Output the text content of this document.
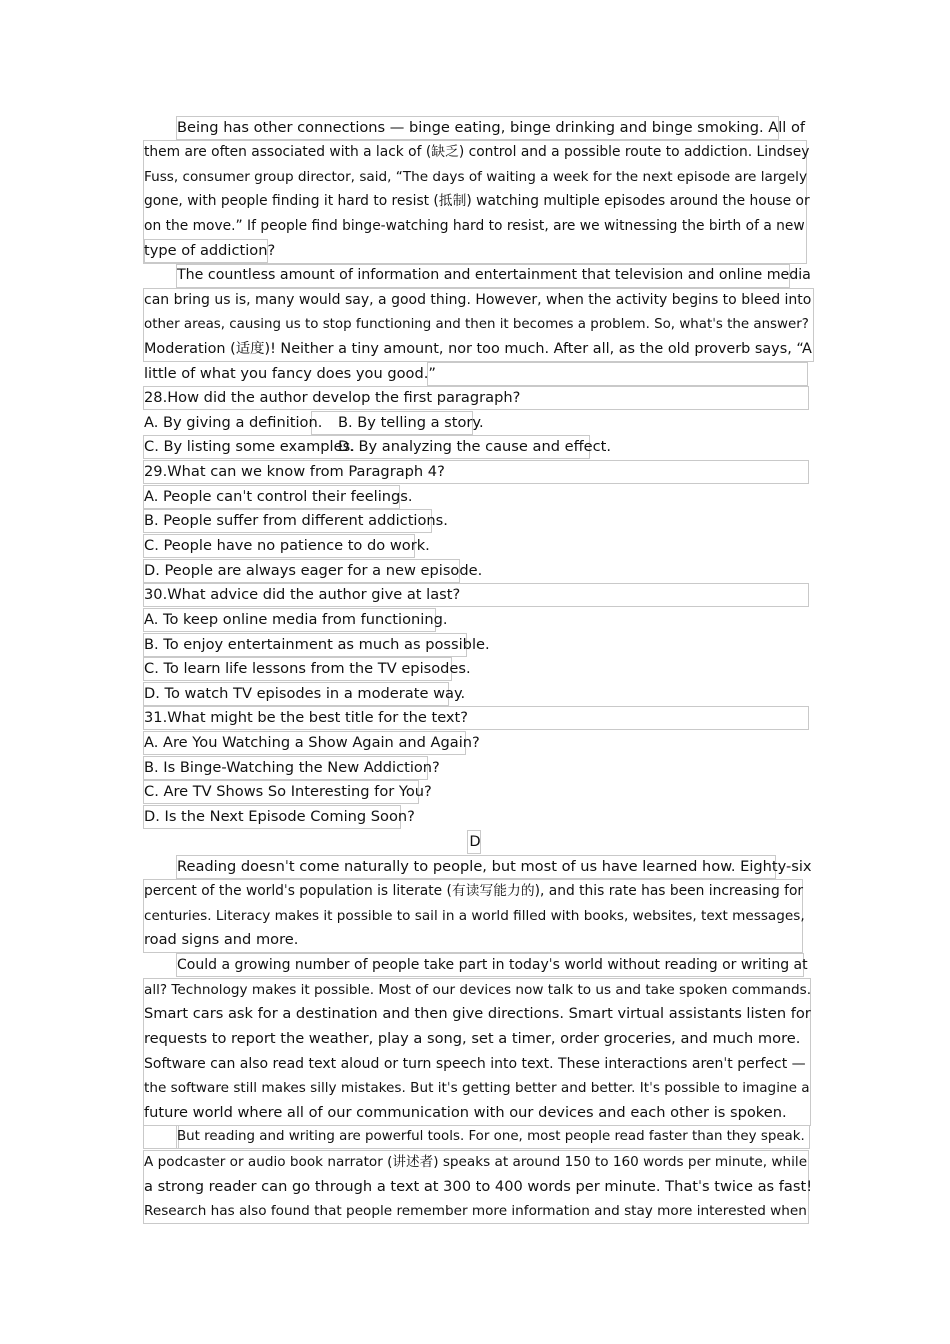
Being has other connections — binge eating, binge drinking and binge smoking. All of

them are often associated with a lack of (缺乏) control and a possible route to addiction. Lindsey

Fuss, consumer group director, said, “The days of waiting a week for the next episode are largely

gone, with people finding it hard to resist (抵制) watching multiple episodes around the house or

on the move.” If people find binge-watching hard to resist, are we witnessing the birth of a new

type of addiction?

The countless amount of information and entertainment that television and online media

can bring us is, many would say, a good thing. However, when the activity begins to bleed into

other areas, causing us to stop functioning and then it becomes a problem. So, whatˈs the answer?

Moderation (适度)! Neither a tiny amount, nor too much. After all, as the old proverb says, “A

little of what you fancy does you good.”

28.How did the author develop the first paragraph?

A. By giving a definition. B. By telling a story.

C. By listing some examples.

D. By analyzing the cause and effect.

29.What can we know from Paragraph 4?

A. People canˈt control their feelings.

B. People suffer from different addictions.

C. People have no patience to do work.

D. People are always eager for a new episode.

30.What advice did the author give at last?

A. To keep online media from functioning.

B. To enjoy entertainment as much as possible.

C. To learn life lessons from the TV episodes.

D. To watch TV episodes in a moderate way.

31.What might be the best title for the text?

A. Are You Watching a Show Again and Again?

B. Is Binge-Watching the New Addiction?

C. Are TV Shows So Interesting for You?

D. Is the Next Episode Coming Soon?

D

Reading doesnˈt come naturally to people, but most of us have learned how. Eighty-six

percent of the worldˈs population is literate (有读写能力的), and this rate has been increasing for

centuries. Literacy makes it possible to sail in a world filled with books, websites, text messages,

road signs and more.

Could a growing number of people take part in todayˈs world without reading or writing at

all? Technology makes it possible. Most of our devices now talk to us and take spoken commands.

Smart cars ask for a destination and then give directions. Smart virtual assistants listen for

requests to report the weather, play a song, set a timer, order groceries, and much more.

Software can also read text aloud or turn speech into text. These interactions arenˈt perfect —

the software still makes silly mistakes. But itˈs getting better and better. Itˈs possible to imagine a

future world where all of our communication with our devices and each other is spoken.

But reading and writing are powerful tools. For one, most people read faster than they speak.

A podcaster or audio book narrator (讲述者) speaks at around 150 to 160 words per minute, while

a strong reader can go through a text at 300 to 400 words per minute. Thatˈs twice as fast!

Research has also found that people remember more information and stay more interested when
